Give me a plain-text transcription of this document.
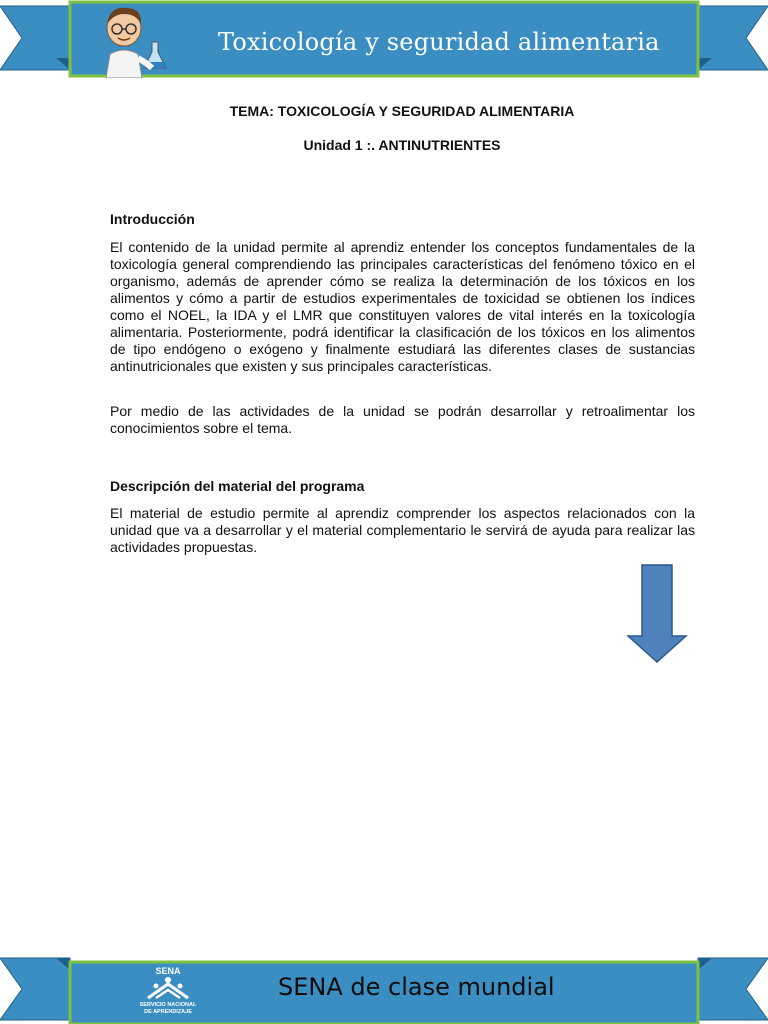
Toxicología y seguridad alimentaria
TEMA: TOXICOLOGÍA Y SEGURIDAD ALIMENTARIA
Unidad 1 :. ANTINUTRIENTES
Introducción
El contenido de la unidad permite al aprendiz entender los conceptos fundamentales de la toxicología general comprendiendo las principales características del fenómeno tóxico en el organismo, además de aprender cómo se realiza la determinación de los tóxicos en los alimentos y cómo a partir de estudios experimentales de toxicidad se obtienen los índices como el NOEL, la IDA y el LMR que constituyen valores de vital interés en la toxicología alimentaria. Posteriormente, podrá identificar la clasificación de los tóxicos en los alimentos de tipo endógeno o exógeno y finalmente estudiará las diferentes clases de sustancias antinutricionales que existen y sus principales características.
Por medio de las actividades de la unidad se podrán desarrollar y retroalimentar los conocimientos sobre el tema.
Descripción del material del programa
El material de estudio permite al aprendiz comprender los aspectos relacionados con la unidad que va a desarrollar y el material complementario le servirá de ayuda para realizar las actividades propuestas.
SENA
SERVICIO NACIONAL
DE APRENDIZAJE
SENA de clase mundial
